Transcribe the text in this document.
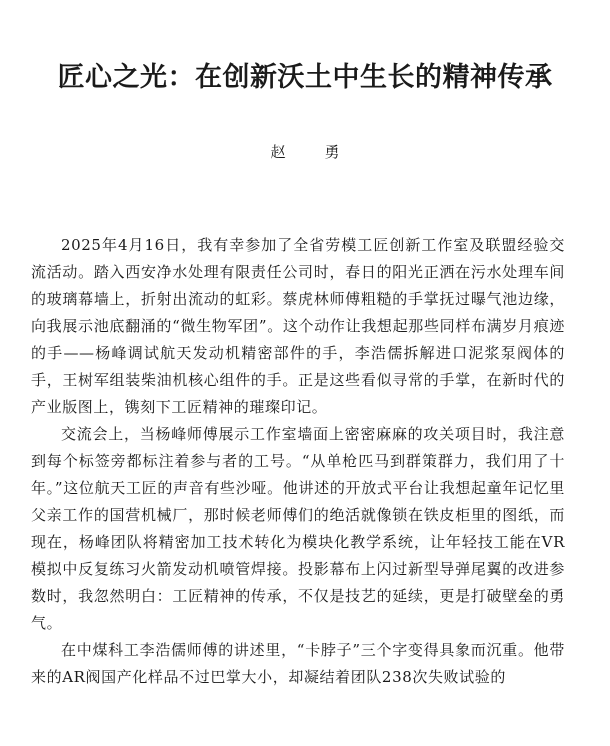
匠心之光：在创新沃土中生长的精神传承
赵　勇

2025年4月16日，我有幸参加了全省劳模工匠创新工作室及联盟经验交流活动。踏入西安净水处理有限责任公司时，春日的阳光正洒在污水处理车间的玻璃幕墙上，折射出流动的虹彩。蔡虎林师傅粗糙的手掌抚过曝气池边缘，向我展示池底翻涌的“微生物军团”。这个动作让我想起那些同样布满岁月痕迹的手——杨峰调试航天发动机精密部件的手，李浩儒拆解进口泥浆泵阀体的手，王树军组装柴油机核心组件的手。正是这些看似寻常的手掌，在新时代的产业版图上，镌刻下工匠精神的璀璨印记。

交流会上，当杨峰师傅展示工作室墙面上密密麻麻的攻关项目时，我注意到每个标签旁都标注着参与者的工号。“从单枪匹马到群策群力，我们用了十年。”这位航天工匠的声音有些沙哑。他讲述的开放式平台让我想起童年记忆里父亲工作的国营机械厂，那时候老师傅们的绝活就像锁在铁皮柜里的图纸，而现在，杨峰团队将精密加工技术转化为模块化教学系统，让年轻技工能在VR模拟中反复练习火箭发动机喷管焊接。投影幕布上闪过新型导弹尾翼的改进参数时，我忽然明白：工匠精神的传承，不仅是技艺的延续，更是打破壁垒的勇气。

在中煤科工李浩儒师傅的讲述里，“卡脖子”三个字变得具象而沉重。他带来的AR阀国产化样品不过巴掌大小，却凝结着团队238次失败试验的
